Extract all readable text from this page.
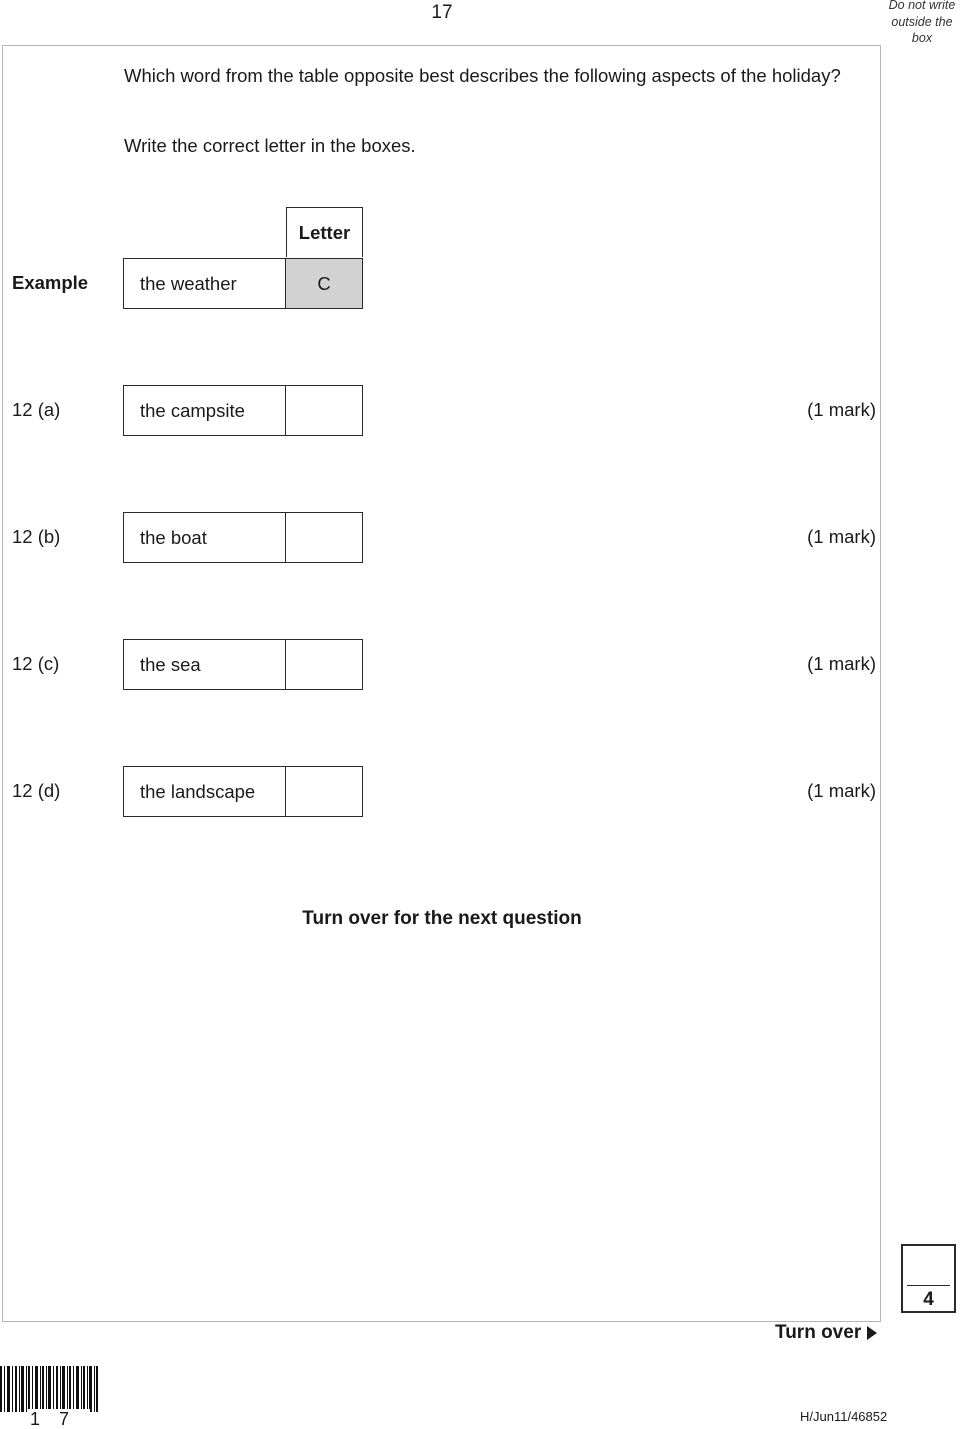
17	Do not write
outside the
box
Which word from the table opposite best describes the following aspects of the holiday?
Write the correct letter in the boxes.
Letter
Example	the weather	C
12 (a)	the campsite	(1 mark)
12 (b)	the boat	(1 mark)
12 (c)	the sea	(1 mark)
12 (d)	the landscape	(1 mark)
Turn over for the next question
4
Turn over
17	H/Jun11/46852
